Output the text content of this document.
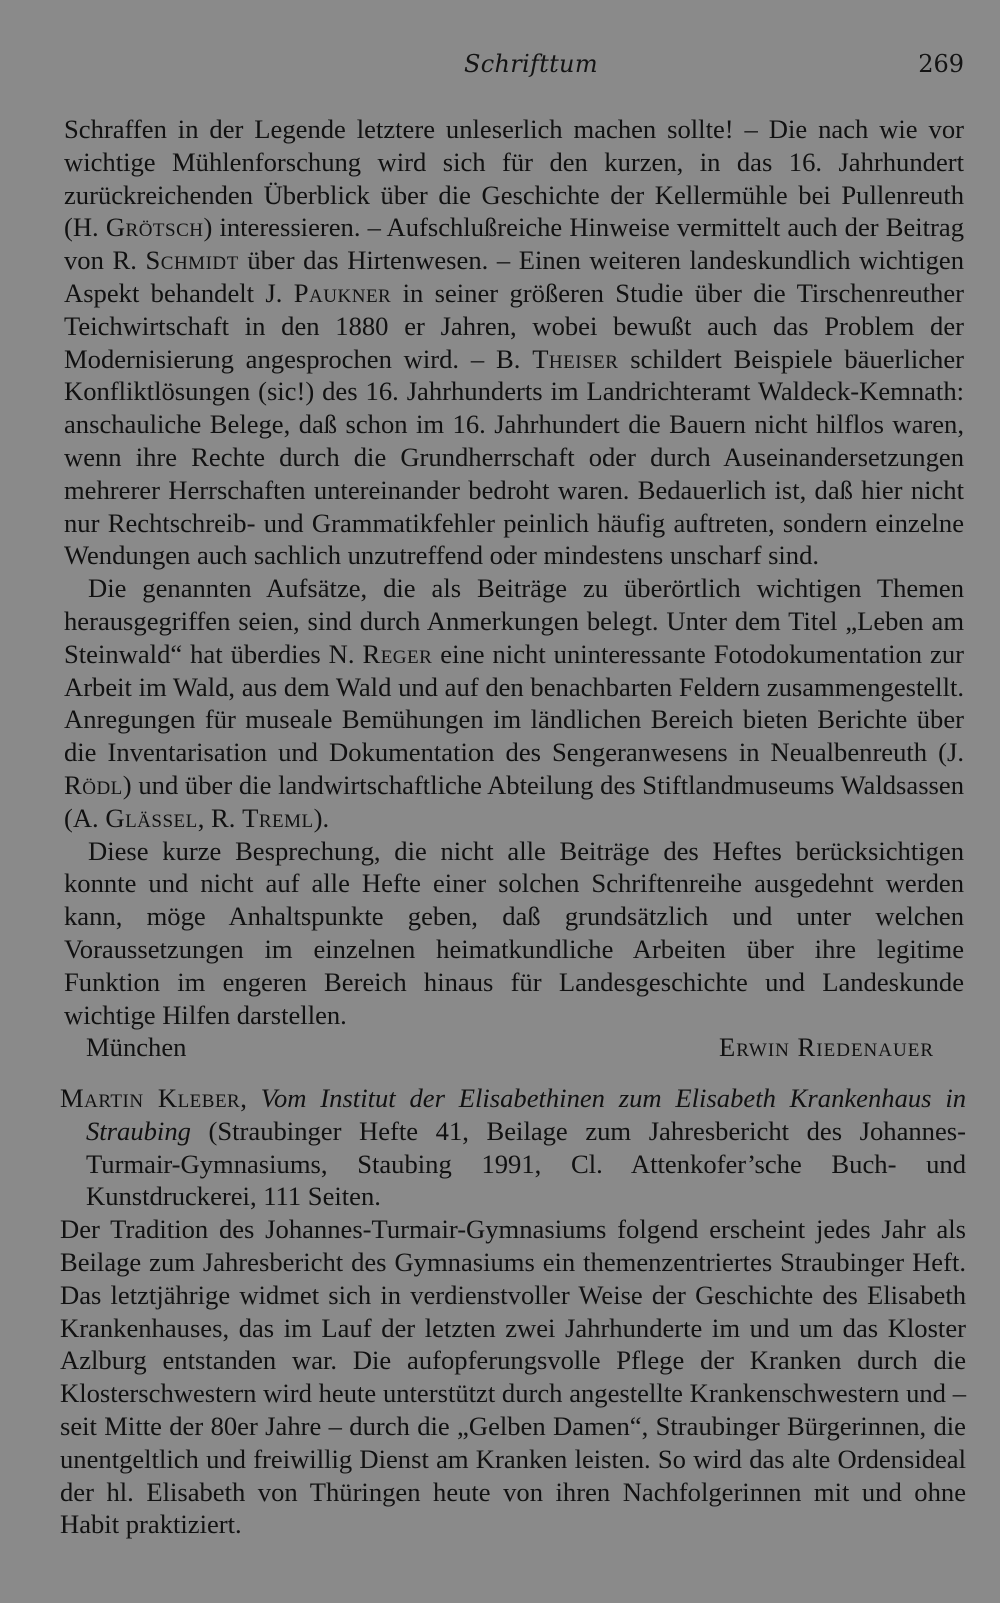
Schrifttum	269

Schraffen in der Legende letztere unleserlich machen sollte! – Die nach wie vor wichtige Mühlenforschung wird sich für den kurzen, in das 16. Jahrhundert zurückreichenden Überblick über die Geschichte der Kellermühle bei Pullenreuth (H. Grötsch) interessieren. – Aufschlußreiche Hinweise vermittelt auch der Beitrag von R. Schmidt über das Hirtenwesen. – Einen weiteren landeskundlich wichtigen Aspekt behandelt J. Paukner in seiner größeren Studie über die Tirschenreuther Teichwirtschaft in den 1880 er Jahren, wobei bewußt auch das Problem der Modernisierung angesprochen wird. – B. Theiser schildert Beispiele bäuerlicher Konfliktlösungen (sic!) des 16. Jahrhunderts im Landrichteramt Waldeck-Kemnath: anschauliche Belege, daß schon im 16. Jahrhundert die Bauern nicht hilflos waren, wenn ihre Rechte durch die Grundherrschaft oder durch Auseinandersetzungen mehrerer Herrschaften untereinander bedroht waren. Bedauerlich ist, daß hier nicht nur Rechtschreib- und Grammatikfehler peinlich häufig auftreten, sondern einzelne Wendungen auch sachlich unzutreffend oder mindestens unscharf sind.

Die genannten Aufsätze, die als Beiträge zu überörtlich wichtigen Themen herausgegriffen seien, sind durch Anmerkungen belegt. Unter dem Titel „Leben am Steinwald“ hat überdies N. Reger eine nicht uninteressante Fotodokumentation zur Arbeit im Wald, aus dem Wald und auf den benachbarten Feldern zusammengestellt. Anregungen für museale Bemühungen im ländlichen Bereich bieten Berichte über die Inventarisation und Dokumentation des Sengeranwesens in Neualbenreuth (J. Rödl) und über die landwirtschaftliche Abteilung des Stiftlandmuseums Waldsassen (A. Glässel, R. Treml).

Diese kurze Besprechung, die nicht alle Beiträge des Heftes berücksichtigen konnte und nicht auf alle Hefte einer solchen Schriftenreihe ausgedehnt werden kann, möge Anhaltspunkte geben, daß grundsätzlich und unter welchen Voraussetzungen im einzelnen heimatkundliche Arbeiten über ihre legitime Funktion im engeren Bereich hinaus für Landesgeschichte und Landeskunde wichtige Hilfen darstellen.

München	Erwin Riedenauer

Martin Kleber, Vom Institut der Elisabethinen zum Elisabeth Krankenhaus in Straubing (Straubinger Hefte 41, Beilage zum Jahresbericht des Johannes-Turmair-Gymnasiums, Staubing 1991, Cl. Attenkofer’sche Buch- und Kunstdruckerei, 111 Seiten.

Der Tradition des Johannes-Turmair-Gymnasiums folgend erscheint jedes Jahr als Beilage zum Jahresbericht des Gymnasiums ein themenzentriertes Straubinger Heft. Das letztjährige widmet sich in verdienstvoller Weise der Geschichte des Elisabeth Krankenhauses, das im Lauf der letzten zwei Jahrhunderte im und um das Kloster Azlburg entstanden war. Die aufopferungsvolle Pflege der Kranken durch die Klosterschwestern wird heute unterstützt durch angestellte Krankenschwestern und – seit Mitte der 80er Jahre – durch die „Gelben Damen“, Straubinger Bürgerinnen, die unentgeltlich und freiwillig Dienst am Kranken leisten. So wird das alte Ordensideal der hl. Elisabeth von Thüringen heute von ihren Nachfolgerinnen mit und ohne Habit praktiziert.
